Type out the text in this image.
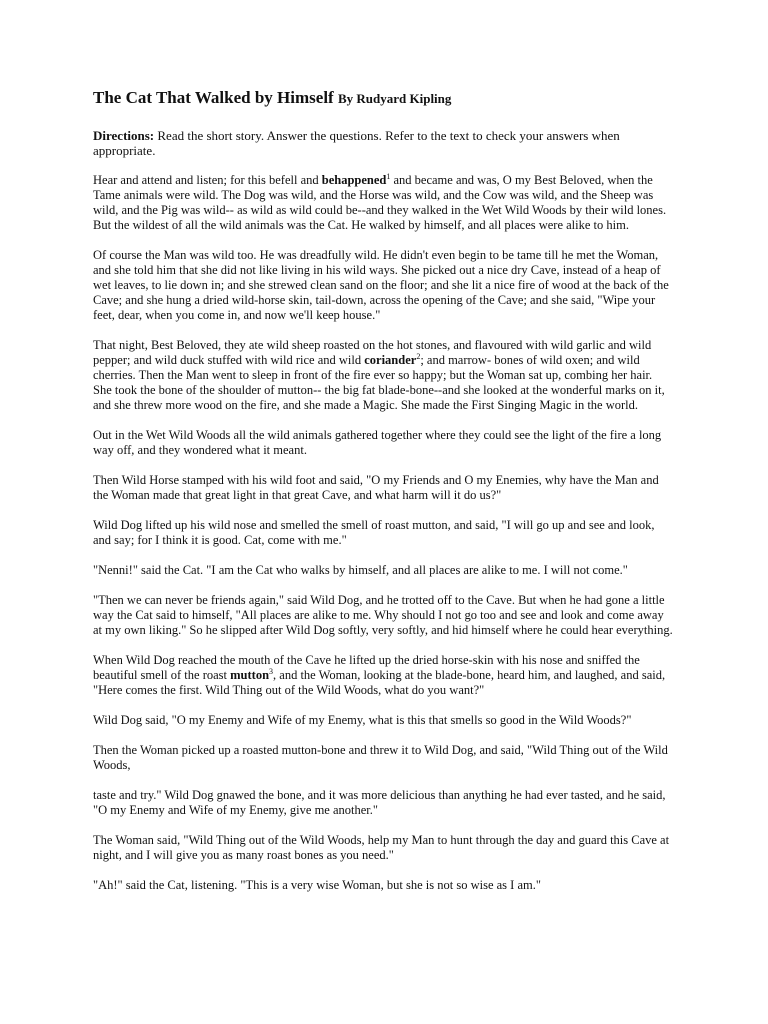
The Cat That Walked by Himself By Rudyard Kipling
Directions: Read the short story. Answer the questions. Refer to the text to check your answers when appropriate.

Hear and attend and listen; for this befell and behappened$^1$ and became and was, O my Best Beloved, when the Tame animals were wild. The Dog was wild, and the Horse was wild, and the Cow was wild, and the Sheep was wild, and the Pig was wild-- as wild as wild could be--and they walked in the Wet Wild Woods by their wild lones. But the wildest of all the wild animals was the Cat. He walked by himself, and all places were alike to him.

Of course the Man was wild too. He was dreadfully wild. He didn't even begin to be tame till he met the Woman, and she told him that she did not like living in his wild ways. She picked out a nice dry Cave, instead of a heap of wet leaves, to lie down in; and she strewed clean sand on the floor; and she lit a nice fire of wood at the back of the Cave; and she hung a dried wild-horse skin, tail-down, across the opening of the Cave; and she said, "Wipe your feet, dear, when you come in, and now we'll keep house."

That night, Best Beloved, they ate wild sheep roasted on the hot stones, and flavoured with wild garlic and wild pepper; and wild duck stuffed with wild rice and wild coriander$^2$; and marrow- bones of wild oxen; and wild cherries. Then the Man went to sleep in front of the fire ever so happy; but the Woman sat up, combing her hair. She took the bone of the shoulder of mutton-- the big fat blade-bone--and she looked at the wonderful marks on it, and she threw more wood on the fire, and she made a Magic. She made the First Singing Magic in the world.

Out in the Wet Wild Woods all the wild animals gathered together where they could see the light of the fire a long way off, and they wondered what it meant.

Then Wild Horse stamped with his wild foot and said, "O my Friends and O my Enemies, why have the Man and the Woman made that great light in that great Cave, and what harm will it do us?"

Wild Dog lifted up his wild nose and smelled the smell of roast mutton, and said, "I will go up and see and look, and say; for I think it is good. Cat, come with me."

"Nenni!" said the Cat. "I am the Cat who walks by himself, and all places are alike to me. I will not come."

"Then we can never be friends again," said Wild Dog, and he trotted off to the Cave. But when he had gone a little way the Cat said to himself, "All places are alike to me. Why should I not go too and see and look and come away at my own liking." So he slipped after Wild Dog softly, very softly, and hid himself where he could hear everything.

When Wild Dog reached the mouth of the Cave he lifted up the dried horse-skin with his nose and sniffed the beautiful smell of the roast mutton$^3$, and the Woman, looking at the blade-bone, heard him, and laughed, and said, "Here comes the first. Wild Thing out of the Wild Woods, what do you want?"

Wild Dog said, "O my Enemy and Wife of my Enemy, what is this that smells so good in the Wild Woods?"

Then the Woman picked up a roasted mutton-bone and threw it to Wild Dog, and said, "Wild Thing out of the Wild Woods,

taste and try." Wild Dog gnawed the bone, and it was more delicious than anything he had ever tasted, and he said, "O my Enemy and Wife of my Enemy, give me another."

The Woman said, "Wild Thing out of the Wild Woods, help my Man to hunt through the day and guard this Cave at night, and I will give you as many roast bones as you need."

"Ah!" said the Cat, listening. "This is a very wise Woman, but she is not so wise as I am."
